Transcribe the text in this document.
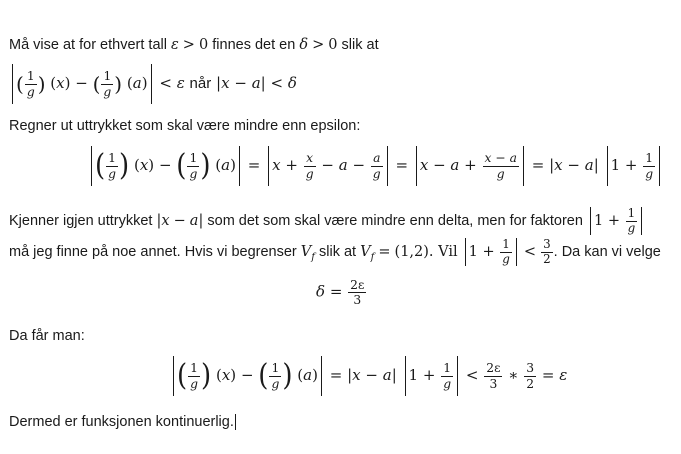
Må vise at for ethvert tall ε > 0 finnes det en δ > 0 slik at
( $\frac{1}{g}$ ) (x) − ( $\frac{1}{g}$ ) (a) < ε når |x − a| < δ
Regner ut uttrykket som skal være mindre enn epsilon:
( $\frac{1}{g}$ ) (x) − ( $\frac{1}{g}$ ) $(a) = x + \frac{x}{g} - a - \frac{a}{g} = x - a + \frac{x - a}{g} = |x - a|$ $1 + \frac{1}{g}$
Kjenner igjen uttrykket |x − a| som det som skal være mindre enn delta, men for faktoren $1 + \frac{1}{g}$
må jeg finne på noe annet. Hvis vi begrenser $V_f$ slik at $V_f = (1,2)$. Vil $1 + \frac{1}{g} < \frac{3}{2}$ . Da kan vi velge
$\delta = \frac{2\varepsilon}{3}$
Da får man:
( $\frac{1}{g}$ ) (x) − ( $\frac{1}{g}$ ) (a) = |x − a| $1 + \frac{1}{g} < \frac{2\varepsilon}{3}$ ∗ $\frac{3}{2} = \varepsilon$
Dermed er funksjonen kontinuerlig.
